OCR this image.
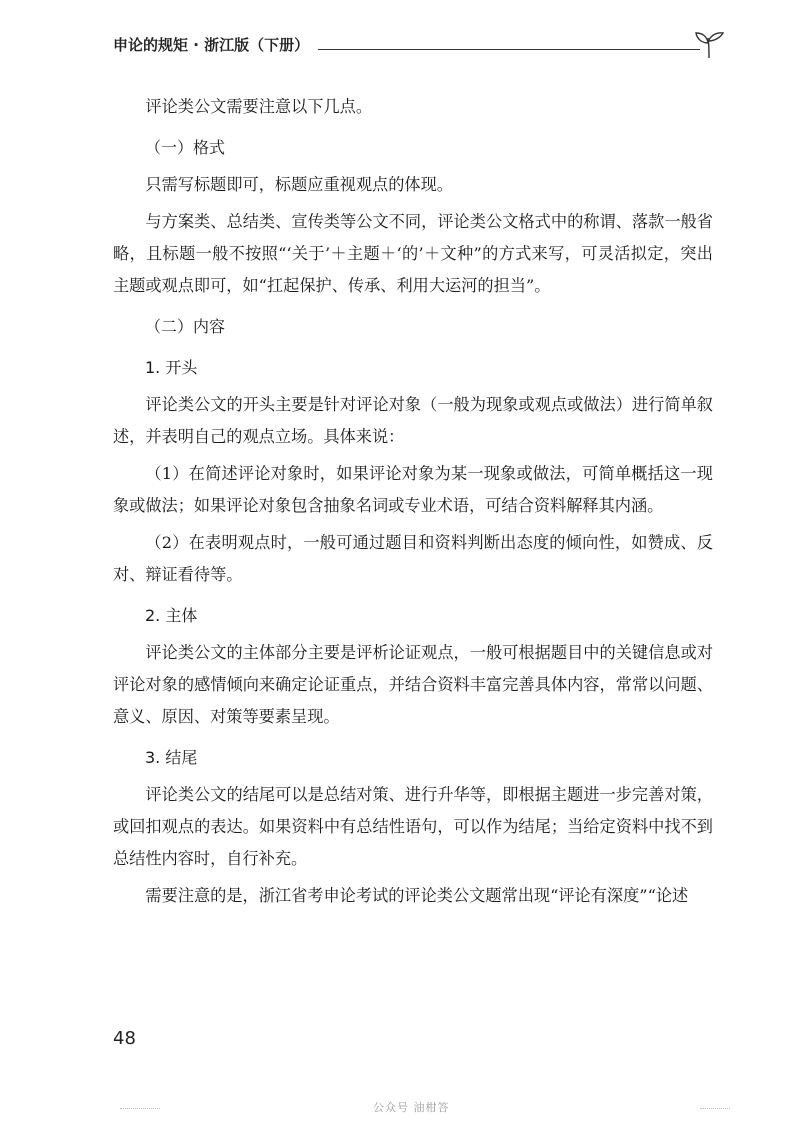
申论的规矩 · 浙江版（下册）

评论类公文需要注意以下几点。

（一）格式

只需写标题即可，标题应重视观点的体现。

与方案类、总结类、宣传类等公文不同，评论类公文格式中的称谓、落款一般省略，且标题一般不按照“‘关于’＋主题＋‘的’＋文种”的方式来写，可灵活拟定，突出主题或观点即可，如“扛起保护、传承、利用大运河的担当”。

（二）内容

1. 开头

评论类公文的开头主要是针对评论对象（一般为现象或观点或做法）进行简单叙述，并表明自己的观点立场。具体来说：

（1）在简述评论对象时，如果评论对象为某一现象或做法，可简单概括这一现象或做法；如果评论对象包含抽象名词或专业术语，可结合资料解释其内涵。

（2）在表明观点时，一般可通过题目和资料判断出态度的倾向性，如赞成、反对、辩证看待等。

2. 主体

评论类公文的主体部分主要是评析论证观点，一般可根据题目中的关键信息或对评论对象的感情倾向来确定论证重点，并结合资料丰富完善具体内容，常常以问题、意义、原因、对策等要素呈现。

3. 结尾

评论类公文的结尾可以是总结对策、进行升华等，即根据主题进一步完善对策，或回扣观点的表达。如果资料中有总结性语句，可以作为结尾；当给定资料中找不到总结性内容时，自行补充。

需要注意的是，浙江省考申论考试的评论类公文题常出现“评论有深度”“论述

48
公众号 油柑答
